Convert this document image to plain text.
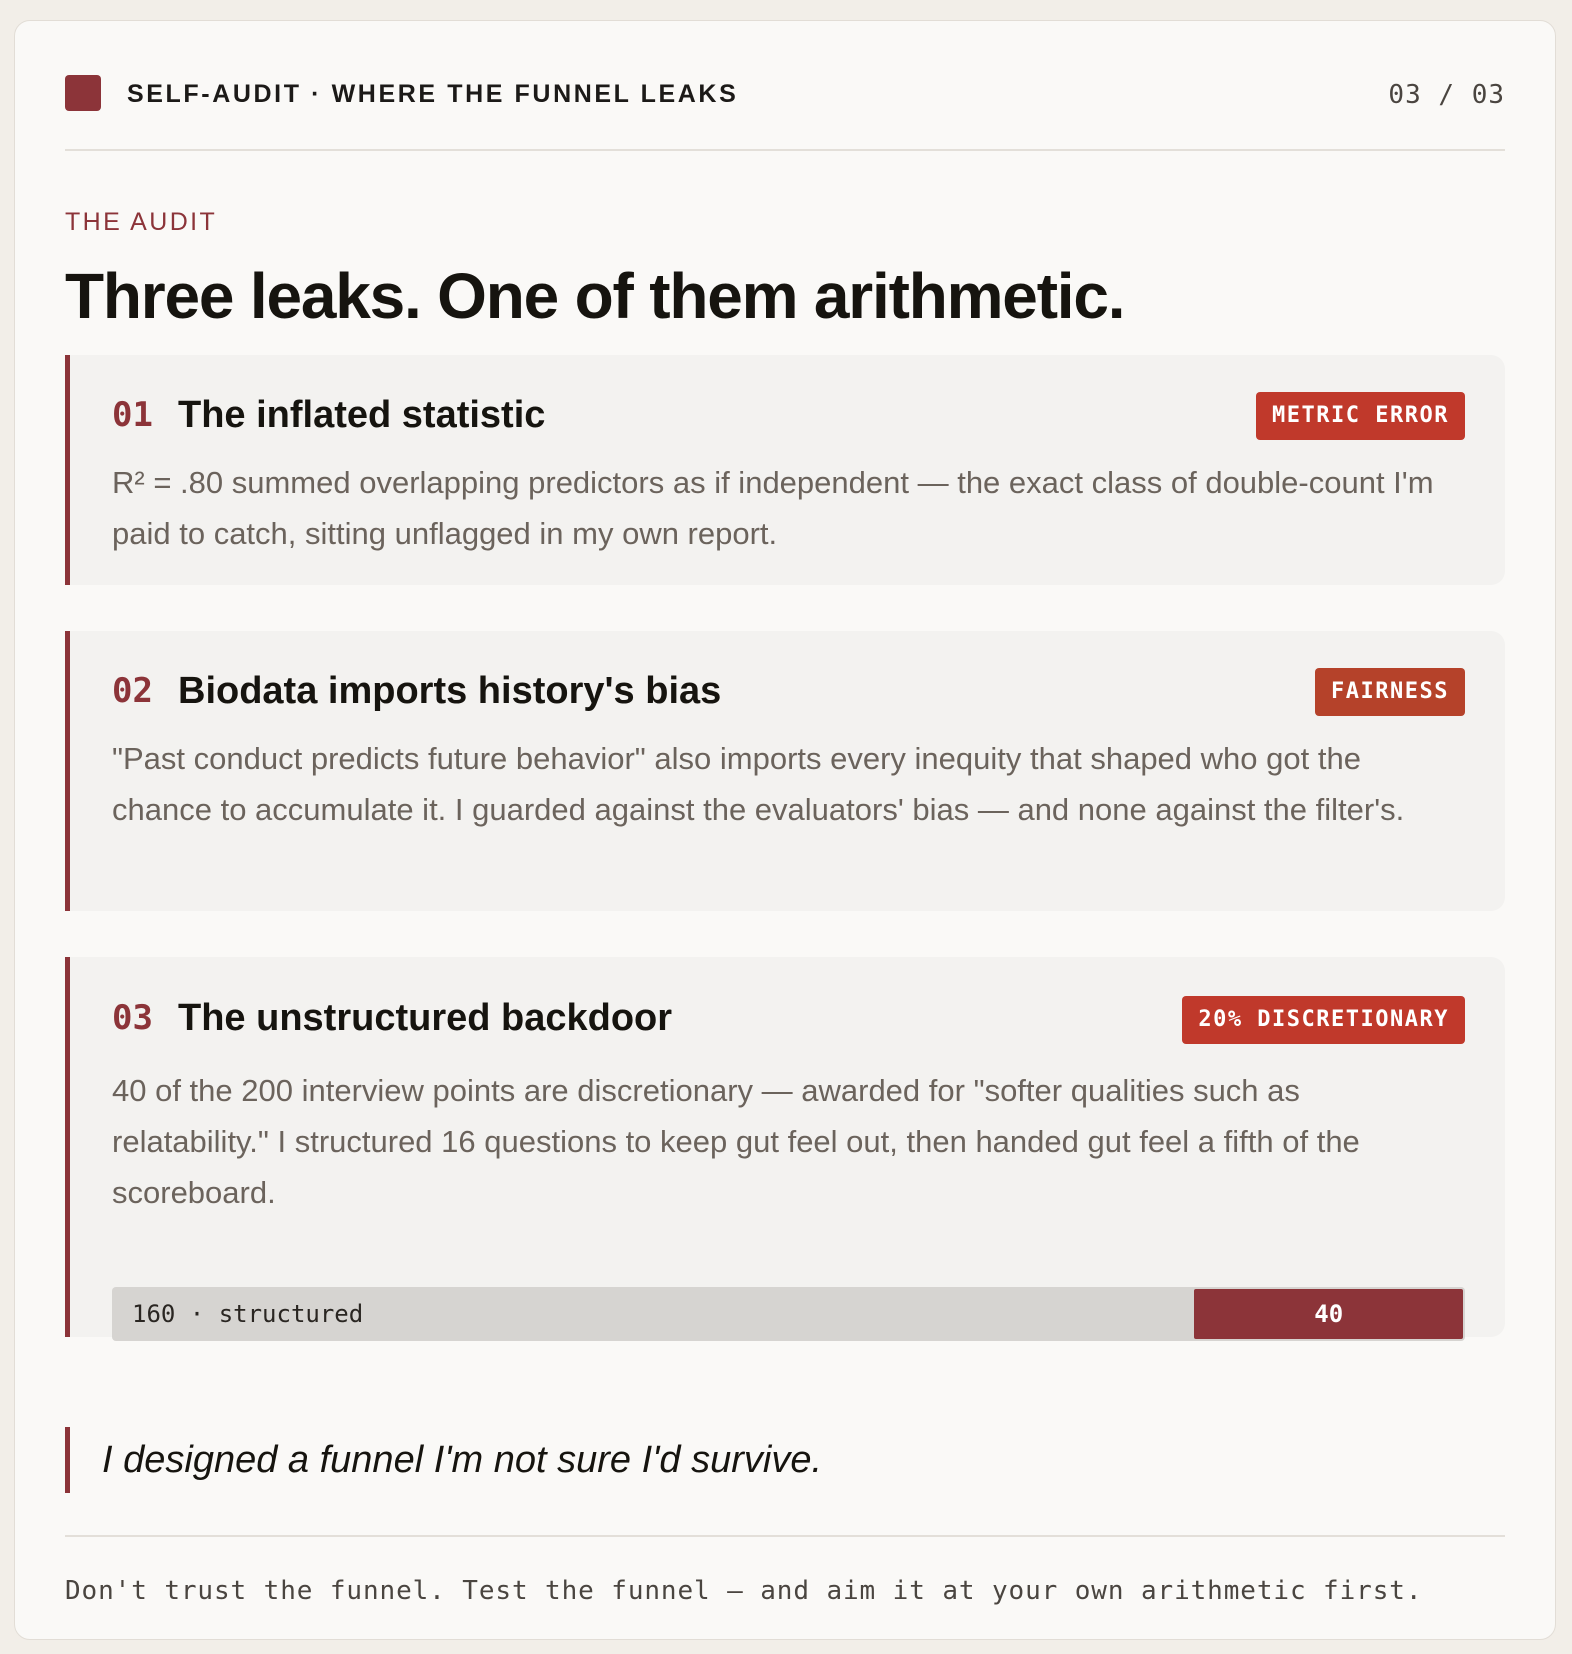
SELF-AUDIT · WHERE THE FUNNEL LEAKS	03 / 03
THE AUDIT
Three leaks. One of them arithmetic.
01 The inflated statistic	METRIC ERROR
R² = .80 summed overlapping predictors as if independent — the exact class of double-count I'm paid to catch, sitting unflagged in my own report.
02 Biodata imports history's bias	FAIRNESS
"Past conduct predicts future behavior" also imports every inequity that shaped who got the chance to accumulate it. I guarded against the evaluators' bias — and none against the filter's.
03 The unstructured backdoor	20% DISCRETIONARY
40 of the 200 interview points are discretionary — awarded for "softer qualities such as relatability." I structured 16 questions to keep gut feel out, then handed gut feel a fifth of the scoreboard.
160 · structured	40
I designed a funnel I'm not sure I'd survive.
Don't trust the funnel. Test the funnel — and aim it at your own arithmetic first.
